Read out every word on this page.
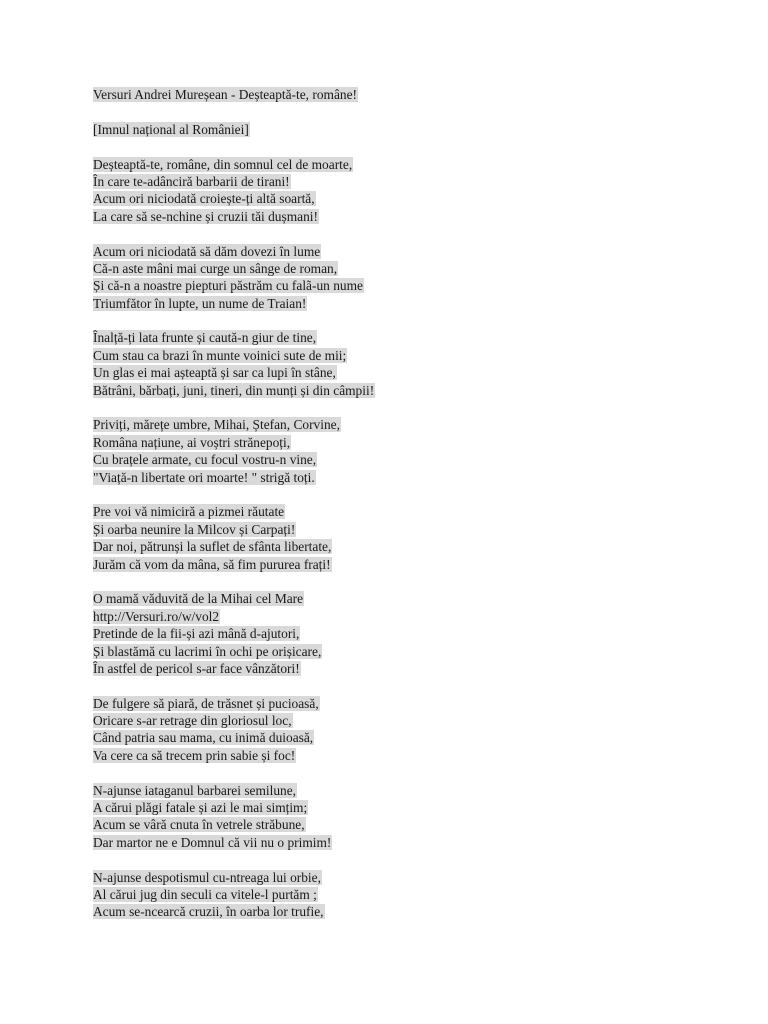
Versuri Andrei Mureșean - Deșteaptă-te, române!

[Imnul național al României]

Deșteaptă-te, române, din somnul cel de moarte,
În care te-adânciră barbarii de tirani!
Acum ori niciodată croiește-ți altă soartă,
La care să se-nchine și cruzii tăi dușmani!

Acum ori niciodată să dăm dovezi în lume
Că-n aste mâni mai curge un sânge de roman,
Și că-n a noastre piepturi păstrăm cu falã-un nume
Triumfător în lupte, un nume de Traian!

Înalță-ți lata frunte și caută-n giur de tine,
Cum stau ca brazi în munte voinici sute de mii;
Un glas ei mai așteaptă și sar ca lupi în stâne,
Bătrâni, bărbați, juni, tineri, din munți și din câmpii!

Priviți, mărețe umbre, Mihai, Ștefan, Corvine,
Româna națiune, ai voștri strănepoți,
Cu brațele armate, cu focul vostru-n vine,
"Viață-n libertate ori moarte! " strigă toți.

Pre voi vă nimiciră a pizmei răutate
Și oarba neunire la Milcov și Carpați!
Dar noi, pătrunși la suflet de sfânta libertate,
Jurăm că vom da mâna, să fim pururea frați!

O mamă văduvită de la Mihai cel Mare
http://Versuri.ro/w/vol2
Pretinde de la fii-și azi mână d-ajutori,
Și blastămă cu lacrimi în ochi pe orișicare,
În astfel de pericol s-ar face vânzători!

De fulgere să piară, de trăsnet și pucioasă,
Oricare s-ar retrage din gloriosul loc,
Când patria sau mama, cu inimă duioasă,
Va cere ca să trecem prin sabie și foc!

N-ajunse iataganul barbarei semilune,
A cărui plăgi fatale și azi le mai simțim;
Acum se vâră cnuta în vetrele străbune,
Dar martor ne e Domnul că vii nu o primim!

N-ajunse despotismul cu-ntreaga lui orbie,
Al cărui jug din seculi ca vitele-l purtăm ;
Acum se-ncearcă cruzii, în oarba lor trufie,
